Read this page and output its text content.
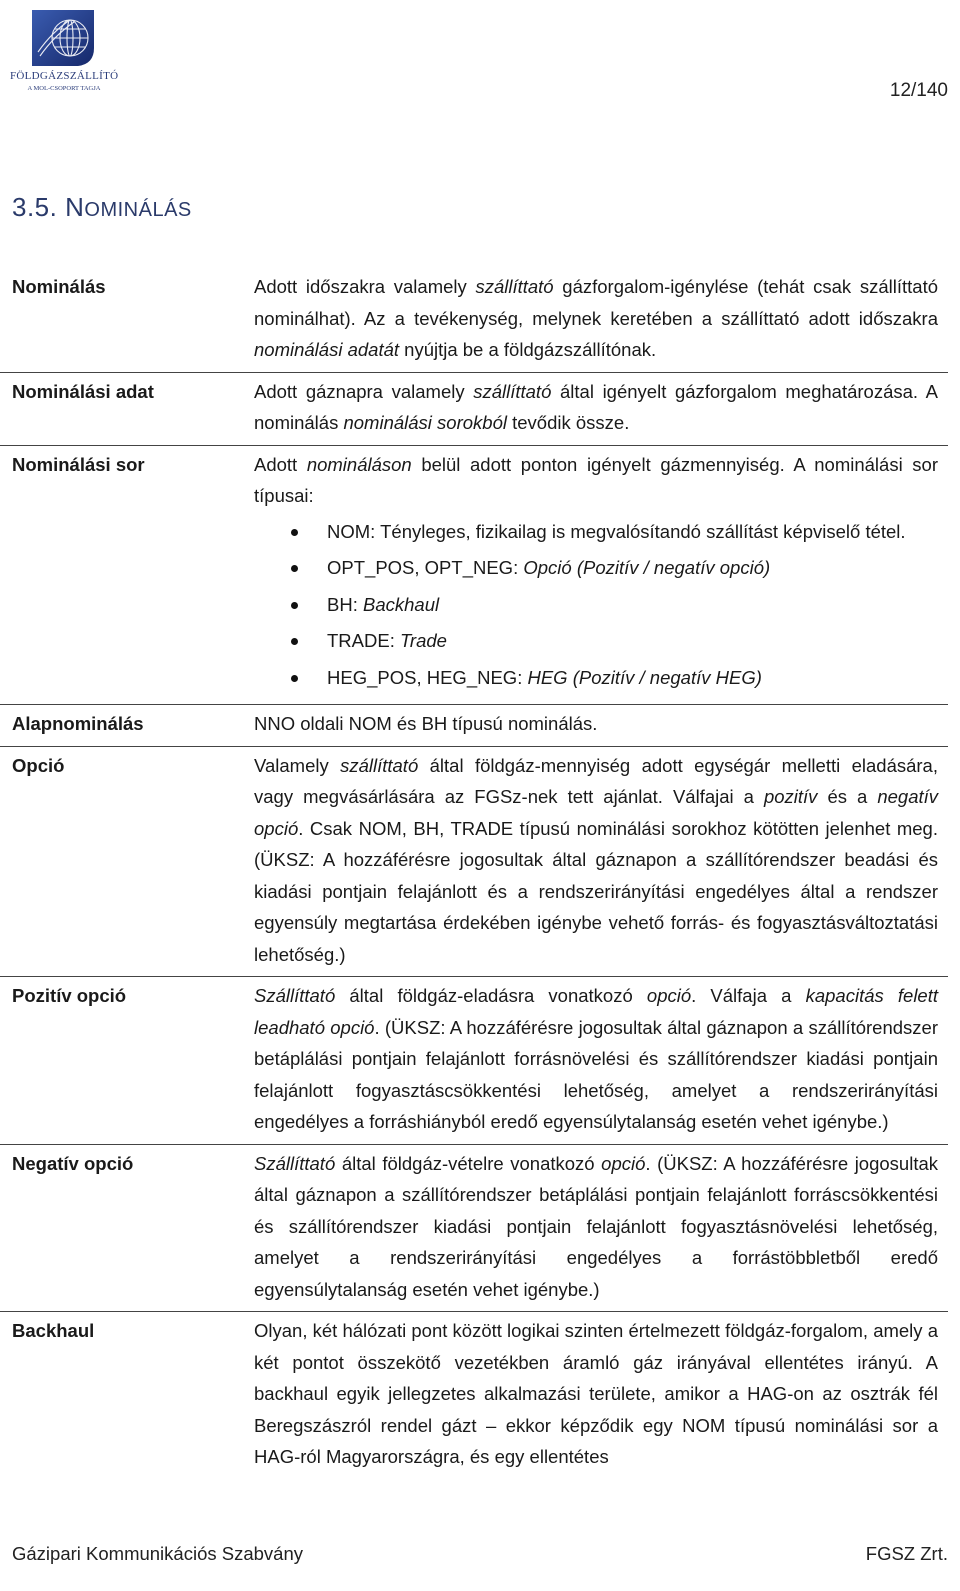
FÖLDGÁZSZÁLLÍTÓ
A MOL-CSOPORT TAGJA	12/140
3.5. NOMINÁLÁS
Nominálás	Adott időszakra valamely szállíttató gázforgalom-igénylése (tehát csak szállíttató nominálhat). Az a tevékenység, melynek keretében a szállíttató adott időszakra nominálási adatát nyújtja be a földgázszállítónak.
Nominálási adat	Adott gáznapra valamely szállíttató által igényelt gázforgalom meghatározása. A nominálás nominálási sorokból tevődik össze.
Nominálási sor	Adott nomináláson belül adott ponton igényelt gázmennyiség. A nominálási sor típusai:
NOM: Tényleges, fizikailag is megvalósítandó szállítást képviselő tétel.
OPT_POS, OPT_NEG: Opció (Pozitív / negatív opció)
BH: Backhaul
TRADE: Trade
HEG_POS, HEG_NEG: HEG (Pozitív / negatív HEG)
Alapnominálás	NNO oldali NOM és BH típusú nominálás.
Opció	Valamely szállíttató által földgáz-mennyiség adott egységár melletti eladására, vagy megvásárlására az FGSz-nek tett ajánlat. Válfajai a pozitív és a negatív opció. Csak NOM, BH, TRADE típusú nominálási sorokhoz kötötten jelenhet meg. (ÜKSZ: A hozzáférésre jogosultak által gáznapon a szállítórendszer beadási és kiadási pontjain felajánlott és a rendszerirányítási engedélyes által a rendszer egyensúly megtartása érdekében igénybe vehető forrás- és fogyasztásváltoztatási lehetőség.)
Pozitív opció	Szállíttató által földgáz-eladásra vonatkozó opció. Válfaja a kapacitás felett leadható opció. (ÜKSZ: A hozzáférésre jogosultak által gáznapon a szállítórendszer betáplálási pontjain felajánlott forrásnövelési és szállítórendszer kiadási pontjain felajánlott fogyasztáscsökkentési lehetőség, amelyet a rendszerirányítási engedélyes a forráshiányból eredő egyensúlytalanság esetén vehet igénybe.)
Negatív opció	Szállíttató által földgáz-vételre vonatkozó opció. (ÜKSZ: A hozzáférésre jogosultak által gáznapon a szállítórendszer betáplálási pontjain felajánlott forráscsökkentési és szállítórendszer kiadási pontjain felajánlott fogyasztásnövelési lehetőség, amelyet a rendszerirányítási engedélyes a forrástöbbletből eredő egyensúlytalanság esetén vehet igénybe.)
Backhaul	Olyan, két hálózati pont között logikai szinten értelmezett földgáz-forgalom, amely a két pontot összekötő vezetékben áramló gáz irányával ellentétes irányú. A backhaul egyik jellegzetes alkalmazási területe, amikor a HAG-on az osztrák fél Beregszászról rendel gázt – ekkor képződik egy NOM típusú nominálási sor a HAG-ról Magyarországra, és egy ellentétes
Gázipari Kommunikációs Szabvány	FGSZ Zrt.
